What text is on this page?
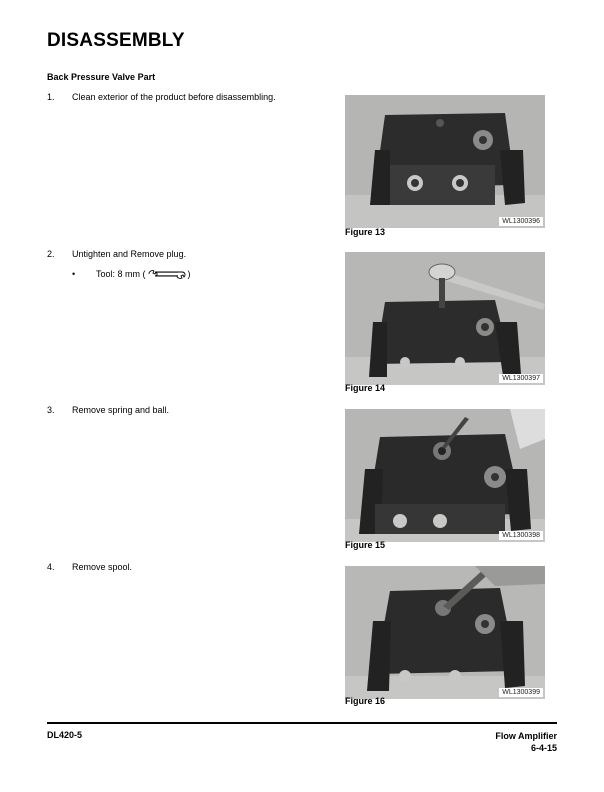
DISASSEMBLY
Back Pressure Valve Part
1. Clean exterior of the product before disassembling.
2. Untighten and Remove plug.
• Tool: 8 mm (	)
3. Remove spring and ball.
4. Remove spool.
WL1300396
Figure 13
WL1300397
Figure 14
WL1300398
Figure 15
WL1300399
Figure 16
DL420-5	Flow Amplifier
6-4-15
